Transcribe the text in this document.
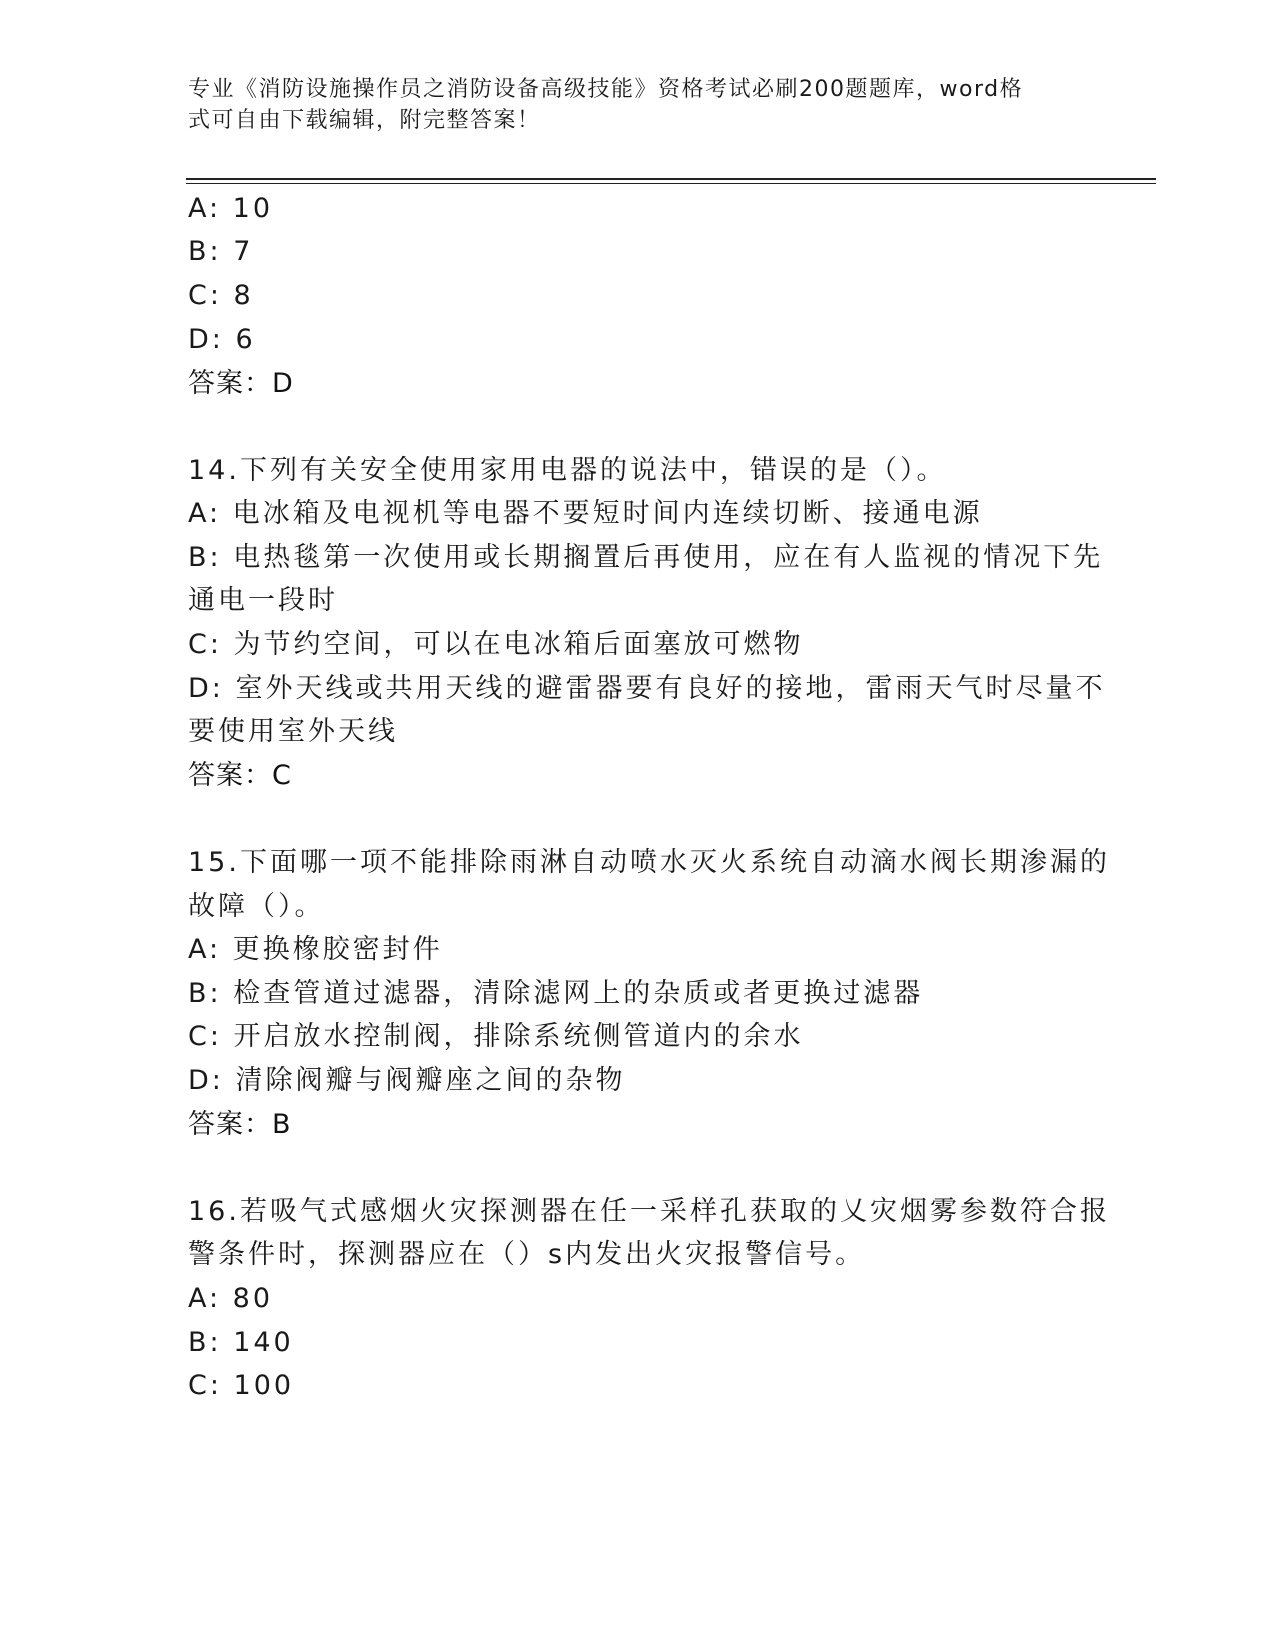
专业《消防设施操作员之消防设备高级技能》资格考试必刷200题题库，word格
式可自由下载编辑，附完整答案！
A: 10
B: 7
C: 8
D: 6
答案：D
14.下列有关安全使用家用电器的说法中，错误的是（）。
A: 电冰箱及电视机等电器不要短时间内连续切断、接通电源
B: 电热毯第一次使用或长期搁置后再使用，应在有人监视的情况下先
通电一段时
C: 为节约空间，可以在电冰箱后面塞放可燃物
D: 室外天线或共用天线的避雷器要有良好的接地，雷雨天气时尽量不
要使用室外天线
答案：C
15.下面哪一项不能排除雨淋自动喷水灭火系统自动滴水阀长期渗漏的
故障（）。
A: 更换橡胶密封件
B: 检查管道过滤器，清除滤网上的杂质或者更换过滤器
C: 开启放水控制阀，排除系统侧管道内的余水
D: 清除阀瓣与阀瓣座之间的杂物
答案：B
16.若吸气式感烟火灾探测器在任一采样孔获取的乂灾烟雾参数符合报
警条件时，探测器应在（）s内发出火灾报警信号。
A: 80
B: 140
C: 100
